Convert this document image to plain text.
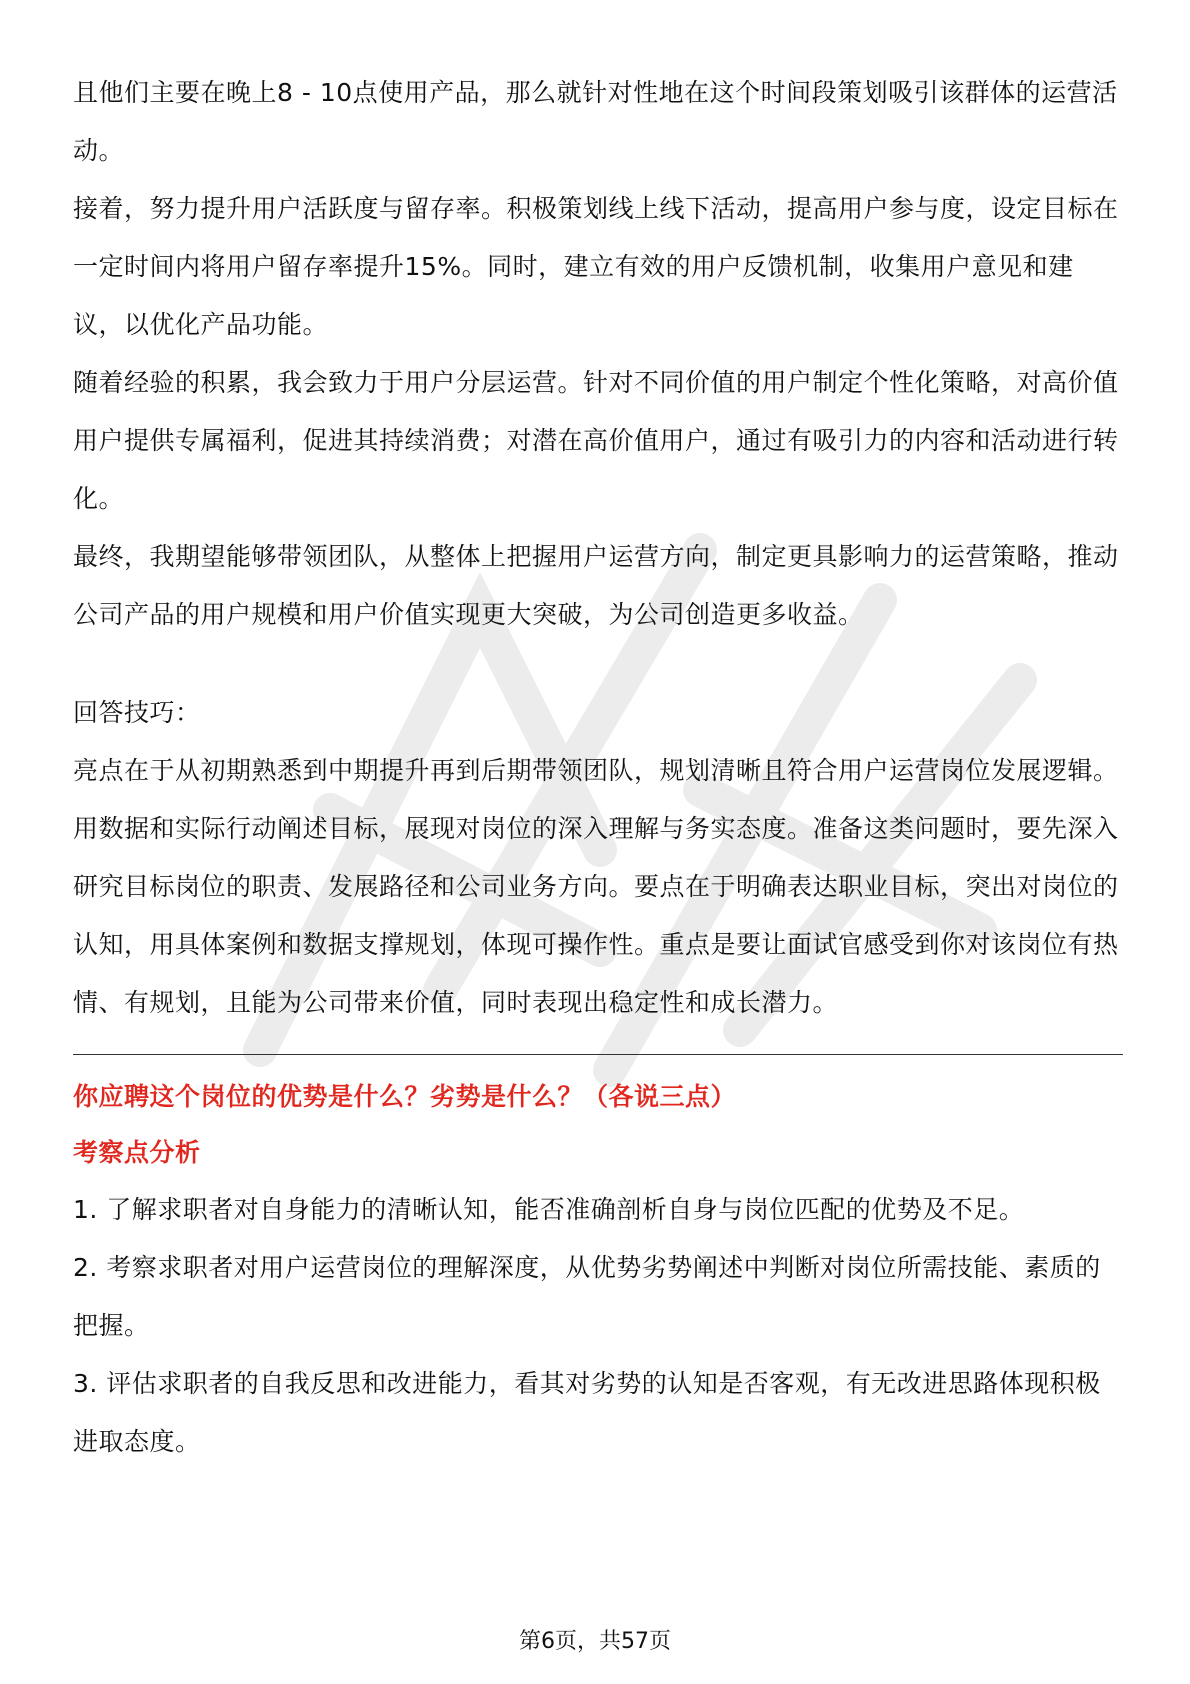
且他们主要在晚上8 - 10点使用产品，那么就针对性地在这个时间段策划吸引该群体的运营活动。

接着，努力提升用户活跃度与留存率。积极策划线上线下活动，提高用户参与度，设定目标在一定时间内将用户留存率提升15%。同时，建立有效的用户反馈机制，收集用户意见和建议，以优化产品功能。

随着经验的积累，我会致力于用户分层运营。针对不同价值的用户制定个性化策略，对高价值用户提供专属福利，促进其持续消费；对潜在高价值用户，通过有吸引力的内容和活动进行转化。

最终，我期望能够带领团队，从整体上把握用户运营方向，制定更具影响力的运营策略，推动公司产品的用户规模和用户价值实现更大突破，为公司创造更多收益。

回答技巧：

亮点在于从初期熟悉到中期提升再到后期带领团队，规划清晰且符合用户运营岗位发展逻辑。用数据和实际行动阐述目标，展现对岗位的深入理解与务实态度。准备这类问题时，要先深入研究目标岗位的职责、发展路径和公司业务方向。要点在于明确表达职业目标，突出对岗位的认知，用具体案例和数据支撑规划，体现可操作性。重点是要让面试官感受到你对该岗位有热情、有规划，且能为公司带来价值，同时表现出稳定性和成长潜力。

你应聘这个岗位的优势是什么？劣势是什么？（各说三点）

考察点分析

1. 了解求职者对自身能力的清晰认知，能否准确剖析自身与岗位匹配的优势及不足。

2. 考察求职者对用户运营岗位的理解深度，从优势劣势阐述中判断对岗位所需技能、素质的把握。

3. 评估求职者的自我反思和改进能力，看其对劣势的认知是否客观，有无改进思路体现积极进取态度。

第6页，共57页
